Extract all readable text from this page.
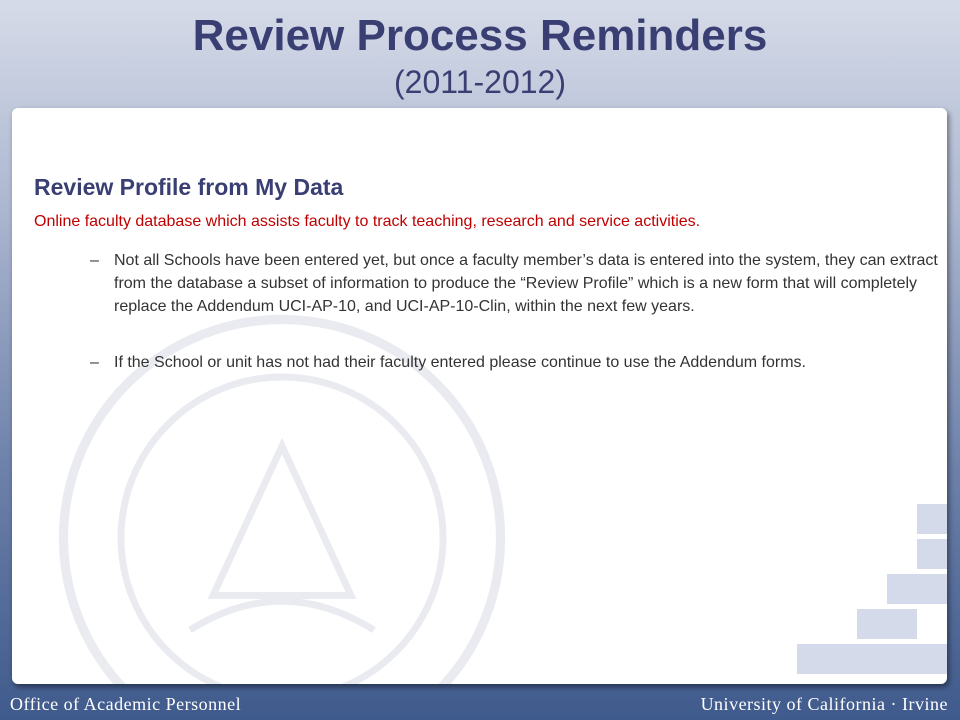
Review Process Reminders
(2011-2012)
Review Profile from My Data

Online faculty database which assists faculty to track teaching, research and service activities.

– Not all Schools have been entered yet, but once a faculty member’s data is entered into the system, they can extract from the database a subset of information to produce the “Review Profile” which is a new form that will completely replace the Addendum UCI-AP-10, and UCI-AP-10-Clin, within the next few years.
– If the School or unit has not had their faculty entered please continue to use the Addendum forms.
Office of Academic Personnel	University of California · Irvine
